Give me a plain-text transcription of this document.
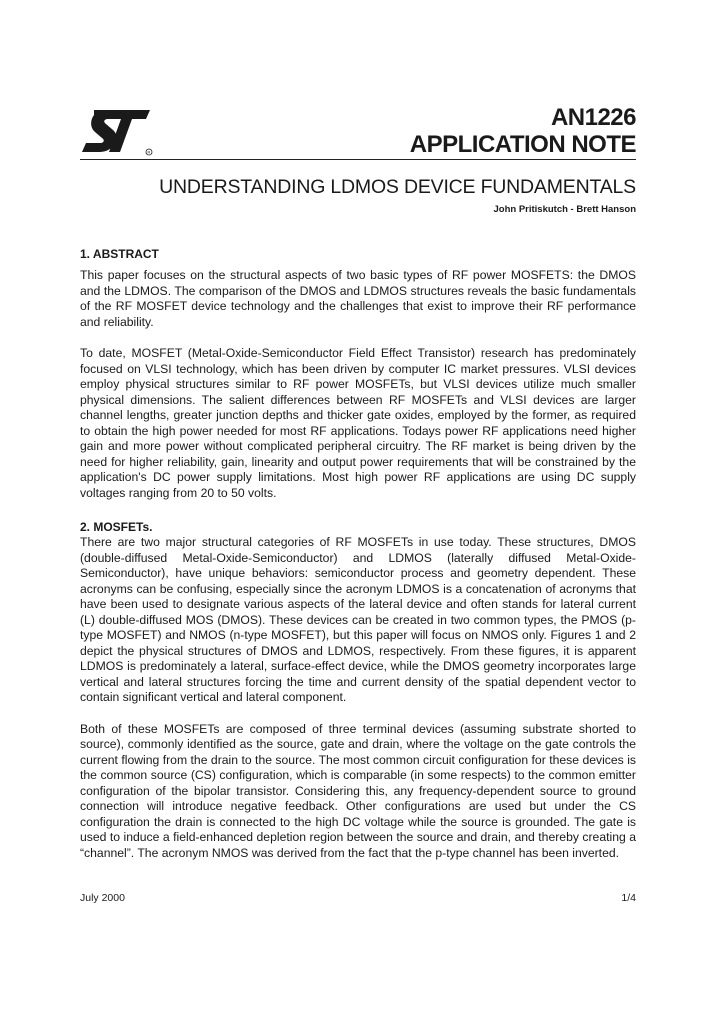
R
AN1226
APPLICATION NOTE
UNDERSTANDING LDMOS DEVICE FUNDAMENTALS
John Pritiskutch - Brett Hanson

1. ABSTRACT

This paper focuses on the structural aspects of two basic types of RF power MOSFETS: the DMOS and the LDMOS. The comparison of the DMOS and LDMOS structures reveals the basic fundamentals of the RF MOSFET device technology and the challenges that exist to improve their RF performance and reliability.

To date, MOSFET (Metal-Oxide-Semiconductor Field Effect Transistor) research has predominately focused on VLSI technology, which has been driven by computer IC market pressures. VLSI devices employ physical structures similar to RF power MOSFETs, but VLSI devices utilize much smaller physical dimensions. The salient differences between RF MOSFETs and VLSI devices are larger channel lengths, greater junction depths and thicker gate oxides, employed by the former, as required to obtain the high power needed for most RF applications. Todays power RF applications need higher gain and more power without complicated peripheral circuitry. The RF market is being driven by the need for higher reliability, gain, linearity and output power requirements that will be constrained by the application's DC power supply limitations. Most high power RF applications are using DC supply voltages ranging from 20 to 50 volts.

2. MOSFETs.

There are two major structural categories of RF MOSFETs in use today. These structures, DMOS (double-diffused Metal-Oxide-Semiconductor) and LDMOS (laterally diffused Metal-Oxide-Semiconductor), have unique behaviors: semiconductor process and geometry dependent. These acronyms can be confusing, especially since the acronym LDMOS is a concatenation of acronyms that have been used to designate various aspects of the lateral device and often stands for lateral current (L) double-diffused MOS (DMOS). These devices can be created in two common types, the PMOS (p-type MOSFET) and NMOS (n-type MOSFET), but this paper will focus on NMOS only. Figures 1 and 2 depict the physical structures of DMOS and LDMOS, respectively. From these figures, it is apparent LDMOS is predominately a lateral, surface-effect device, while the DMOS geometry incorporates large vertical and lateral structures forcing the time and current density of the spatial dependent vector to contain significant vertical and lateral component.

Both of these MOSFETs are composed of three terminal devices (assuming substrate shorted to source), commonly identified as the source, gate and drain, where the voltage on the gate controls the current flowing from the drain to the source. The most common circuit configuration for these devices is the common source (CS) configuration, which is comparable (in some respects) to the common emitter configuration of the bipolar transistor. Considering this, any frequency-dependent source to ground connection will introduce negative feedback. Other configurations are used but under the CS configuration the drain is connected to the high DC voltage while the source is grounded. The gate is used to induce a field-enhanced depletion region between the source and drain, and thereby creating a “channel”. The acronym NMOS was derived from the fact that the p-type channel has been inverted.

July 2000	1/4
